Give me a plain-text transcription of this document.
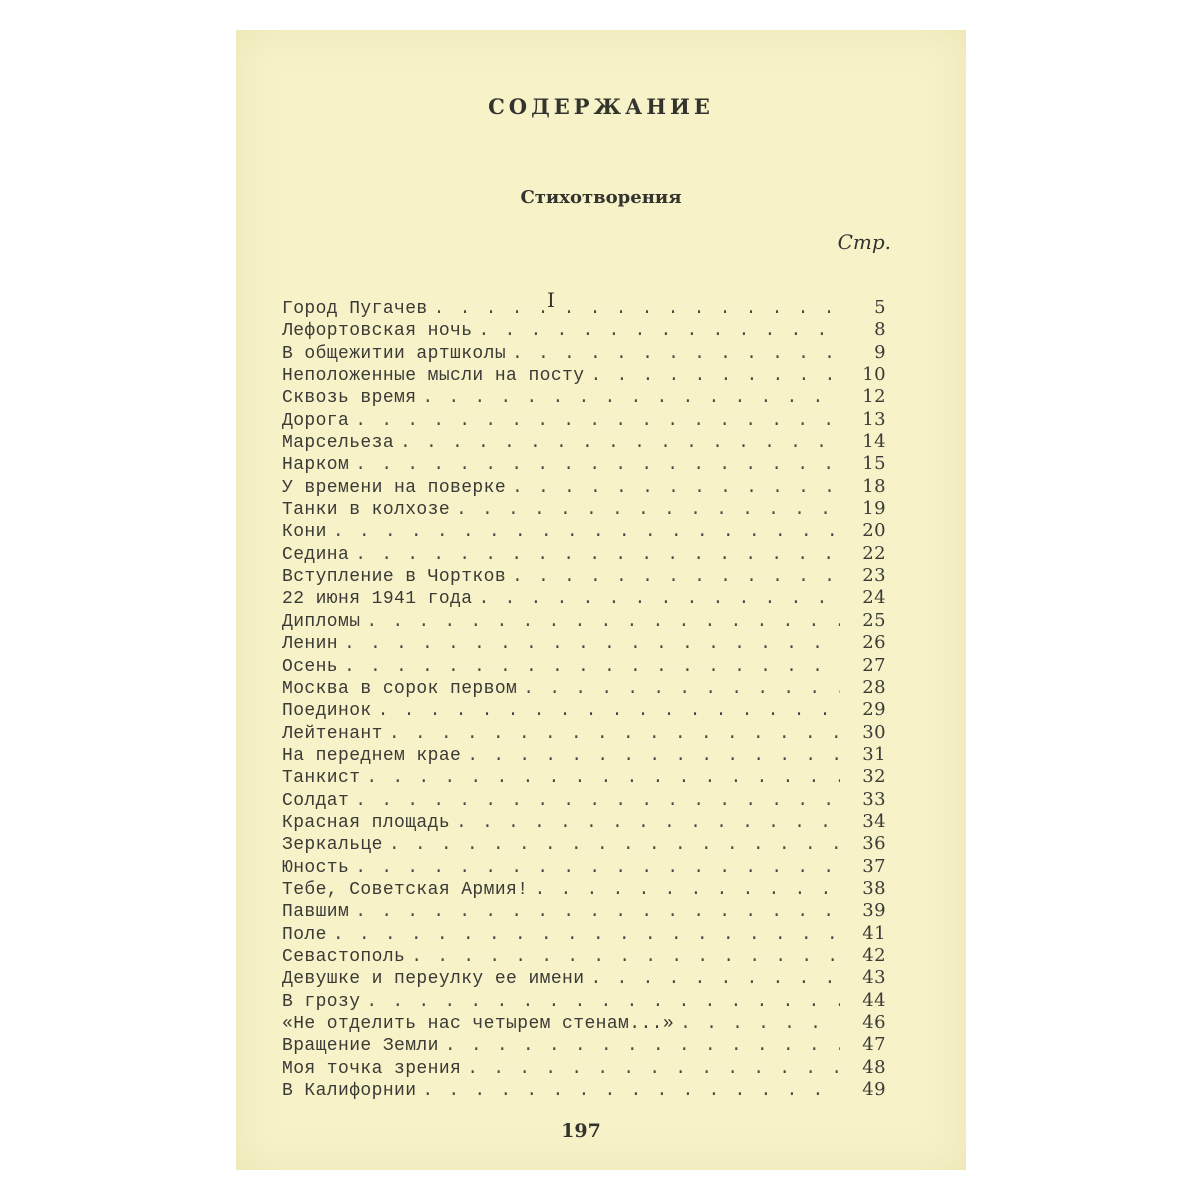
СОДЕРЖАНИЕ
Стихотворения
Стр.
I
Город Пугачев . . .	5
Лефортовская ночь . . .	8
В общежитии артшколы . . .	9
Неположенные мысли на посту . . .	10
Сквозь время . . .	12
Дорога . . .	13
Марсельеза . . .	14
Нарком . . .	15
У времени на поверке . . .	18
Танки в колхозе . . .	19
Кони . . .	20
Седина . . .	22
Вступление в Чортков . . .	23
22 июня 1941 года . . .	24
Дипломы . . .	25
Ленин . . .	26
Осень . . .	27
Москва в сорок первом . . .	28
Поединок . . .	29
Лейтенант . . .	30
На переднем крае . . .	31
Танкист . . .	32
Солдат . . .	33
Красная площадь . . .	34
Зеркальце . . .	36
Юность . . .	37
Тебе, Советская Армия! . . .	38
Павшим . . .	39
Поле . . .	41
Севастополь . . .	42
Девушке и переулку ее имени . . .	43
В грозу . . .	44
«Не отделить нас четырем стенам...» . . .	46
Вращение Земли . . .	47
Моя точка зрения . . .	48
В Калифорнии . . .	49
197
